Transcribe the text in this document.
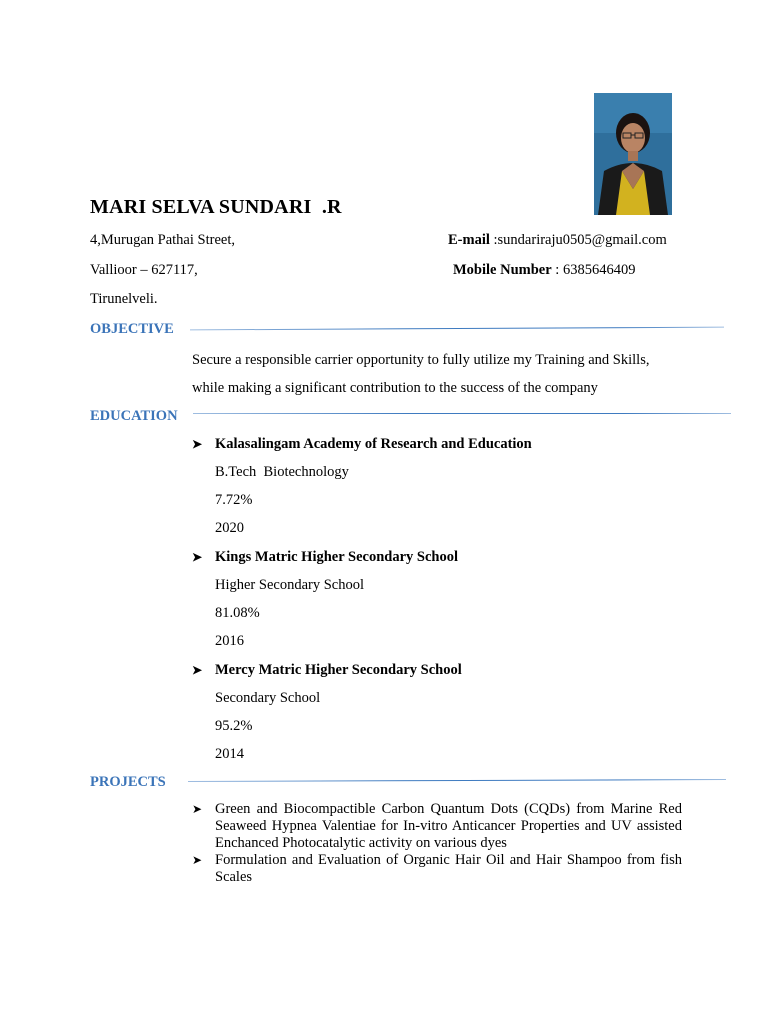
MARI SELVA SUNDARI  .R
4,Murugan Pathai Street,
Vallioor – 627117,
Tirunelveli.
E-mail :sundariraju0505@gmail.com
Mobile Number : 6385646409
OBJECTIVE
Secure a responsible carrier opportunity to fully utilize my Training and Skills,
while making a significant contribution to the success of the company
EDUCATION
➤ Kalasalingam Academy of Research and Education
B.Tech  Biotechnology
7.72%
2020
➤ Kings Matric Higher Secondary School
Higher Secondary School
81.08%
2016
➤ Mercy Matric Higher Secondary School
Secondary School
95.2%
2014
PROJECTS
➤ Green and Biocompactible Carbon Quantum Dots (CQDs) from Marine Red Seaweed Hypnea Valentiae for In-vitro Anticancer Properties and UV assisted Enchanced Photocatalytic activity on various dyes
➤ Formulation and Evaluation of Organic Hair Oil and Hair Shampoo from fish Scales
